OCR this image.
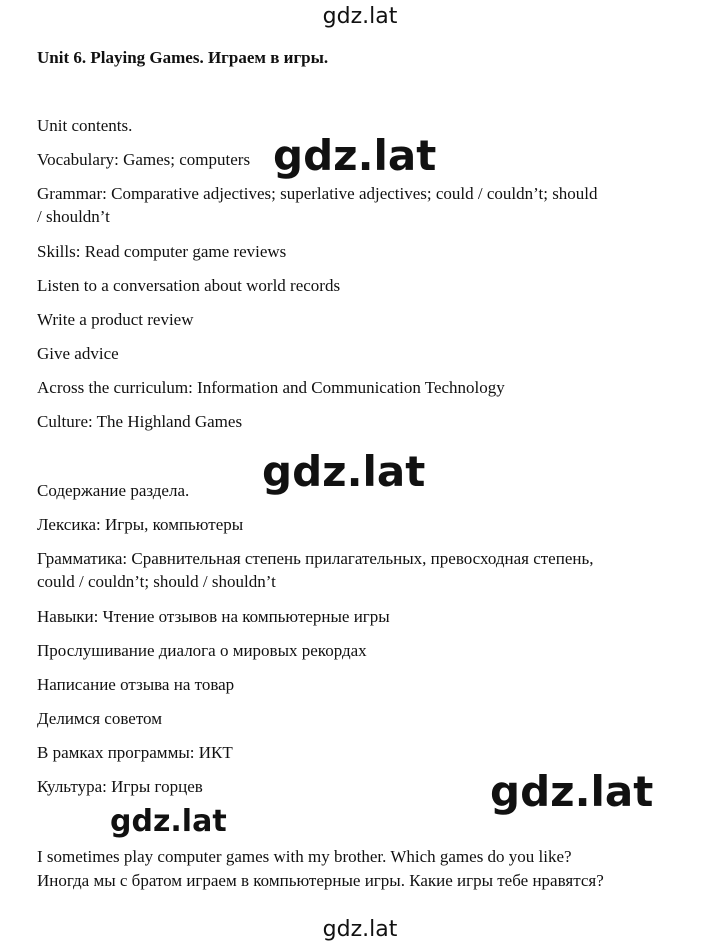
gdz.lat
Unit 6. Playing Games. Играем в игры.
Unit contents.
Vocabulary: Games; computers
Grammar: Comparative adjectives; superlative adjectives; could / couldn’t; should
/ shouldn’t
Skills: Read computer game reviews
Listen to a conversation about world records
Write a product review
Give advice
Across the curriculum: Information and Communication Technology
Culture: The Highland Games
Содержание раздела.
Лексика: Игры, компьютеры
Грамматика: Сравнительная степень прилагательных, превосходная степень,
could / couldn’t; should / shouldn’t
Навыки: Чтение отзывов на компьютерные игры
Прослушивание диалога о мировых рекордах
Написание отзыва на товар
Делимся советом
В рамках программы: ИКТ
Культура: Игры горцев
I sometimes play computer games with my brother. Which games do you like?
Иногда мы с братом играем в компьютерные игры. Какие игры тебе нравятся?
gdz.lat
gdz.lat
gdz.lat
gdz.lat
gdz.lat
